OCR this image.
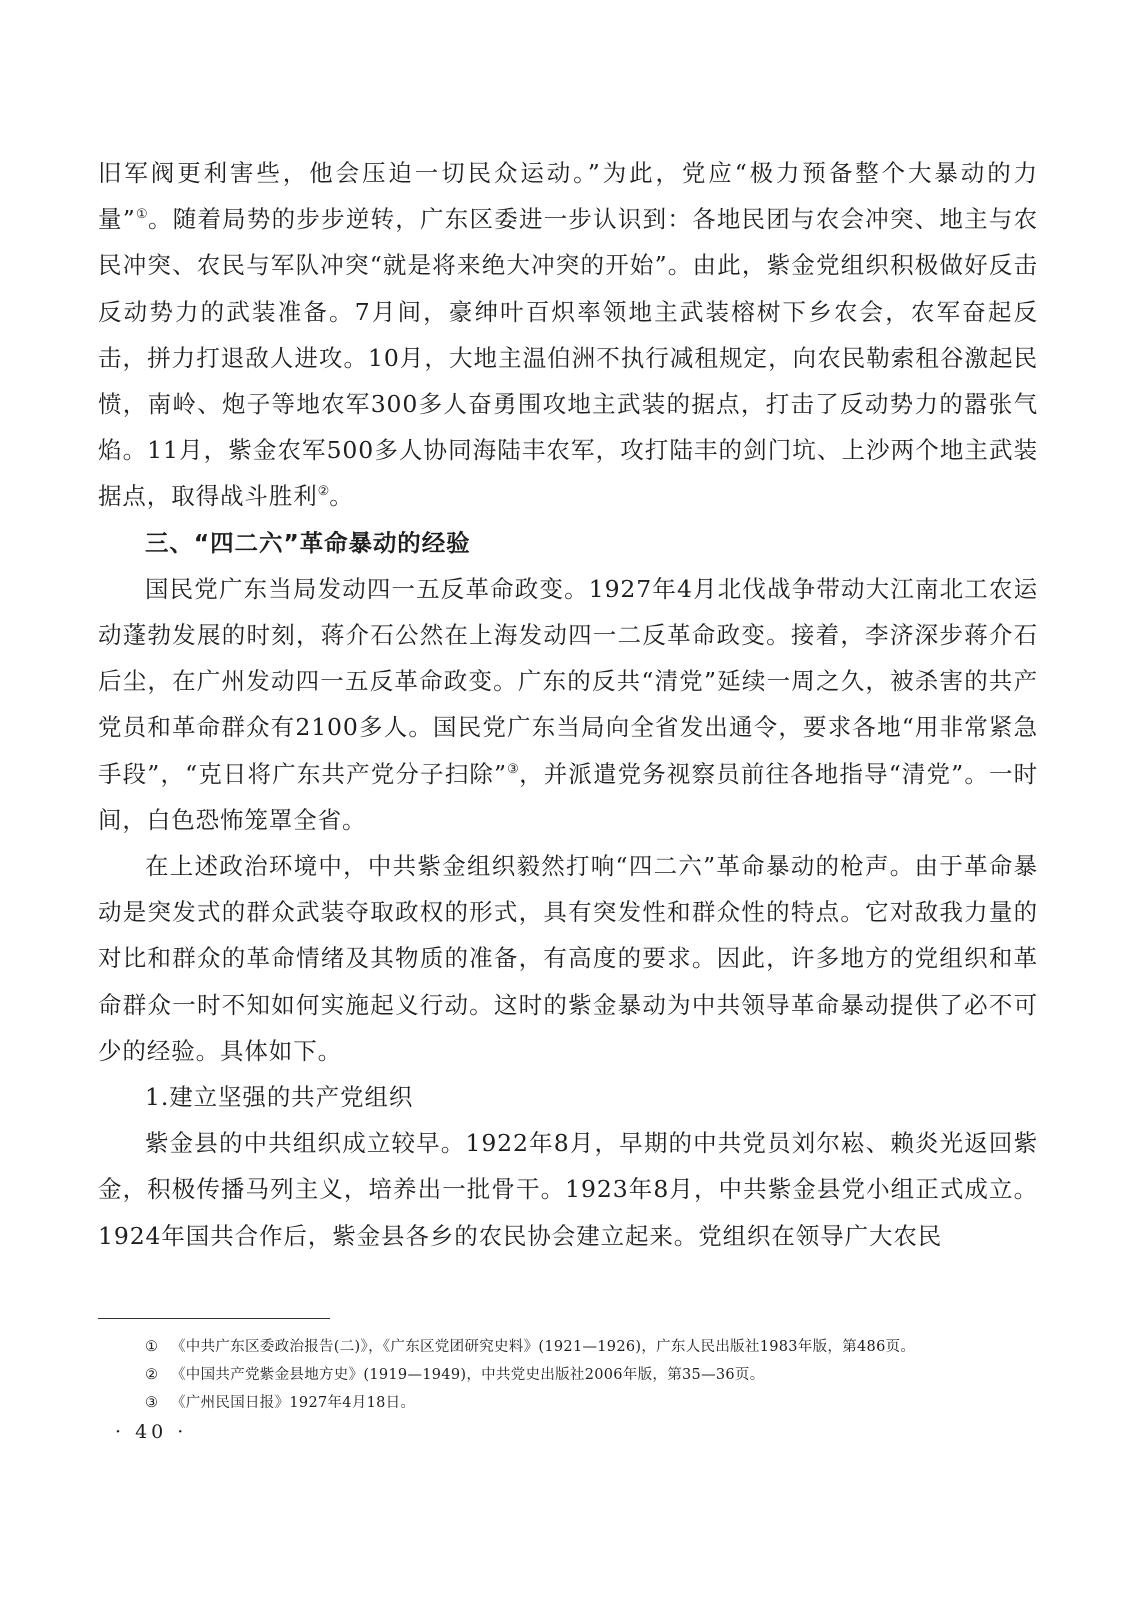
旧军阀更利害些，他会压迫一切民众运动。”为此，党应“极力预备整个大暴动的力量”①。随着局势的步步逆转，广东区委进一步认识到：各地民团与农会冲突、地主与农民冲突、农民与军队冲突“就是将来绝大冲突的开始”。由此，紫金党组织积极做好反击反动势力的武装准备。7月间，豪绅叶百炽率领地主武装榕树下乡农会，农军奋起反击，拼力打退敌人进攻。10月，大地主温伯洲不执行减租规定，向农民勒索租谷激起民愤，南岭、炮子等地农军300多人奋勇围攻地主武装的据点，打击了反动势力的嚣张气焰。11月，紫金农军500多人协同海陆丰农军，攻打陆丰的剑门坑、上沙两个地主武装据点，取得战斗胜利②。

三、“四二六”革命暴动的经验

国民党广东当局发动四一五反革命政变。1927年4月北伐战争带动大江南北工农运动蓬勃发展的时刻，蒋介石公然在上海发动四一二反革命政变。接着，李济深步蒋介石后尘，在广州发动四一五反革命政变。广东的反共“清党”延续一周之久，被杀害的共产党员和革命群众有2100多人。国民党广东当局向全省发出通令，要求各地“用非常紧急手段”，“克日将广东共产党分子扫除”③，并派遣党务视察员前往各地指导“清党”。一时间，白色恐怖笼罩全省。

在上述政治环境中，中共紫金组织毅然打响“四二六”革命暴动的枪声。由于革命暴动是突发式的群众武装夺取政权的形式，具有突发性和群众性的特点。它对敌我力量的对比和群众的革命情绪及其物质的准备，有高度的要求。因此，许多地方的党组织和革命群众一时不知如何实施起义行动。这时的紫金暴动为中共领导革命暴动提供了必不可少的经验。具体如下。

1.建立坚强的共产党组织

紫金县的中共组织成立较早。1922年8月，早期的中共党员刘尔崧、赖炎光返回紫金，积极传播马列主义，培养出一批骨干。1923年8月，中共紫金县党小组正式成立。1924年国共合作后，紫金县各乡的农民协会建立起来。党组织在领导广大农民

① 《中共广东区委政治报告(二)》，《广东区党团研究史料》(1921—1926)，广东人民出版社1983年版，第486页。
② 《中国共产党紫金县地方史》(1919—1949)，中共党史出版社2006年版，第35—36页。
③ 《广州民国日报》1927年4月18日。
· 40 ·
